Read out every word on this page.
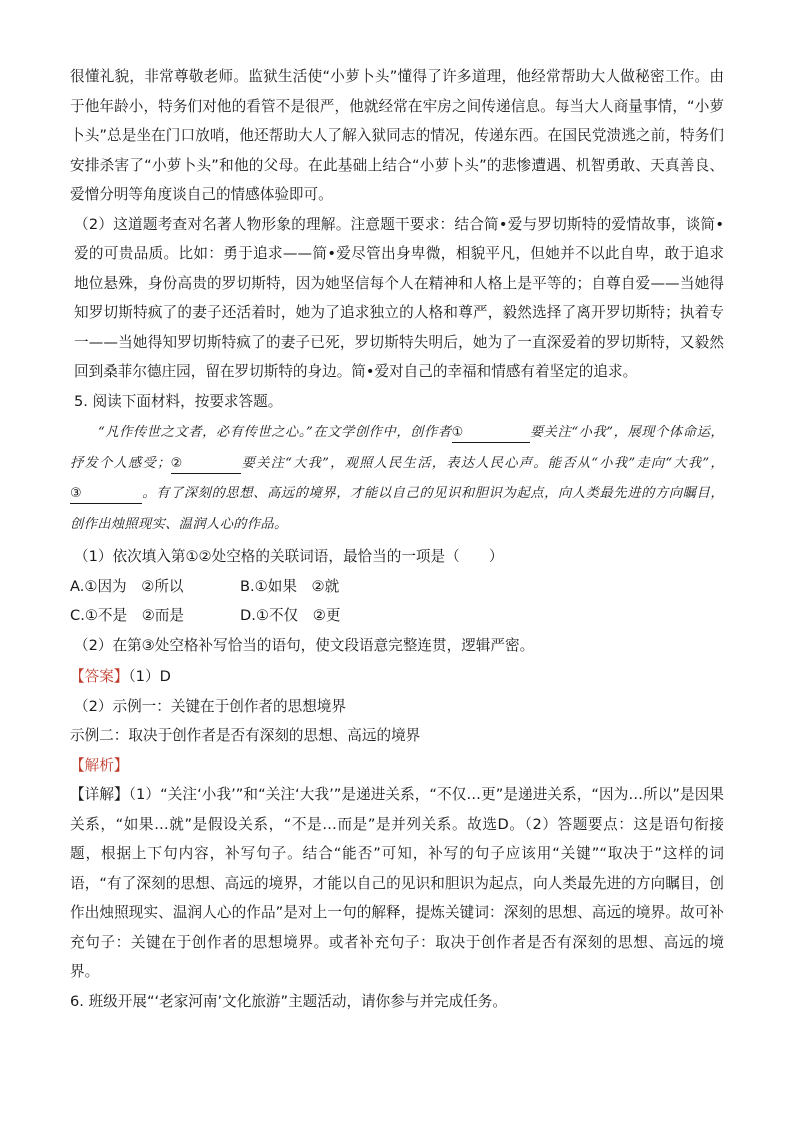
很懂礼貌，非常尊敬老师。监狱生活使“小萝卜头”懂得了许多道理，他经常帮助大人做秘密工作。由于他年龄小，特务们对他的看管不是很严，他就经常在牢房之间传递信息。每当大人商量事情，“小萝卜头”总是坐在门口放哨，他还帮助大人了解入狱同志的情况，传递东西。在国民党溃逃之前，特务们安排杀害了“小萝卜头”和他的父母。在此基础上结合“小萝卜头”的悲惨遭遇、机智勇敢、天真善良、爱憎分明等角度谈自己的情感体验即可。

（2）这道题考查对名著人物形象的理解。注意题干要求：结合简•爱与罗切斯特的爱情故事，谈简•爱的可贵品质。比如：勇于追求——简•爱尽管出身卑微，相貌平凡，但她并不以此自卑，敢于追求地位悬殊，身份高贵的罗切斯特，因为她坚信每个人在精神和人格上是平等的；自尊自爱——当她得知罗切斯特疯了的妻子还活着时，她为了追求独立的人格和尊严，毅然选择了离开罗切斯特；执着专一——当她得知罗切斯特疯了的妻子已死，罗切斯特失明后，她为了一直深爱着的罗切斯特，又毅然回到桑菲尔德庄园，留在罗切斯特的身边。简•爱对自己的幸福和情感有着坚定的追求。

5. 阅读下面材料，按要求答题。

“凡作传世之文者，必有传世之心。”在文学创作中，创作者①	要关注“小我”，展现个体命运，抒发个人感受；②	要关注“大我”，观照人民生活，表达人民心声。能否从“小我”走向“大我”，③	。有了深刻的思想、高远的境界，才能以自己的见识和胆识为起点，向人类最先进的方向瞩目，创作出烛照现实、温润人心的作品。

（1）依次填入第①②处空格的关联词语，最恰当的一项是（　　）

A.①因为　②所以	B.①如果　②就
C.①不是　②而是	D.①不仅　②更

（2）在第③处空格补写恰当的语句，使文段语意完整连贯，逻辑严密。

【答案】（1）D

（2）示例一：关键在于创作者的思想境界

示例二：取决于创作者是否有深刻的思想、高远的境界

【解析】

【详解】（1）“关注‘小我’”和“关注‘大我’”是递进关系，“不仅…更”是递进关系，“因为…所以”是因果关系，“如果…就”是假设关系，“不是…而是”是并列关系。故选D。（2）答题要点：这是语句衔接题，根据上下句内容，补写句子。结合“能否”可知，补写的句子应该用“关键”“取决于”这样的词语，“有了深刻的思想、高远的境界，才能以自己的见识和胆识为起点，向人类最先进的方向瞩目，创作出烛照现实、温润人心的作品”是对上一句的解释，提炼关键词：深刻的思想、高远的境界。故可补充句子：关键在于创作者的思想境界。或者补充句子：取决于创作者是否有深刻的思想、高远的境界。

6. 班级开展“‘老家河南’文化旅游”主题活动，请你参与并完成任务。
